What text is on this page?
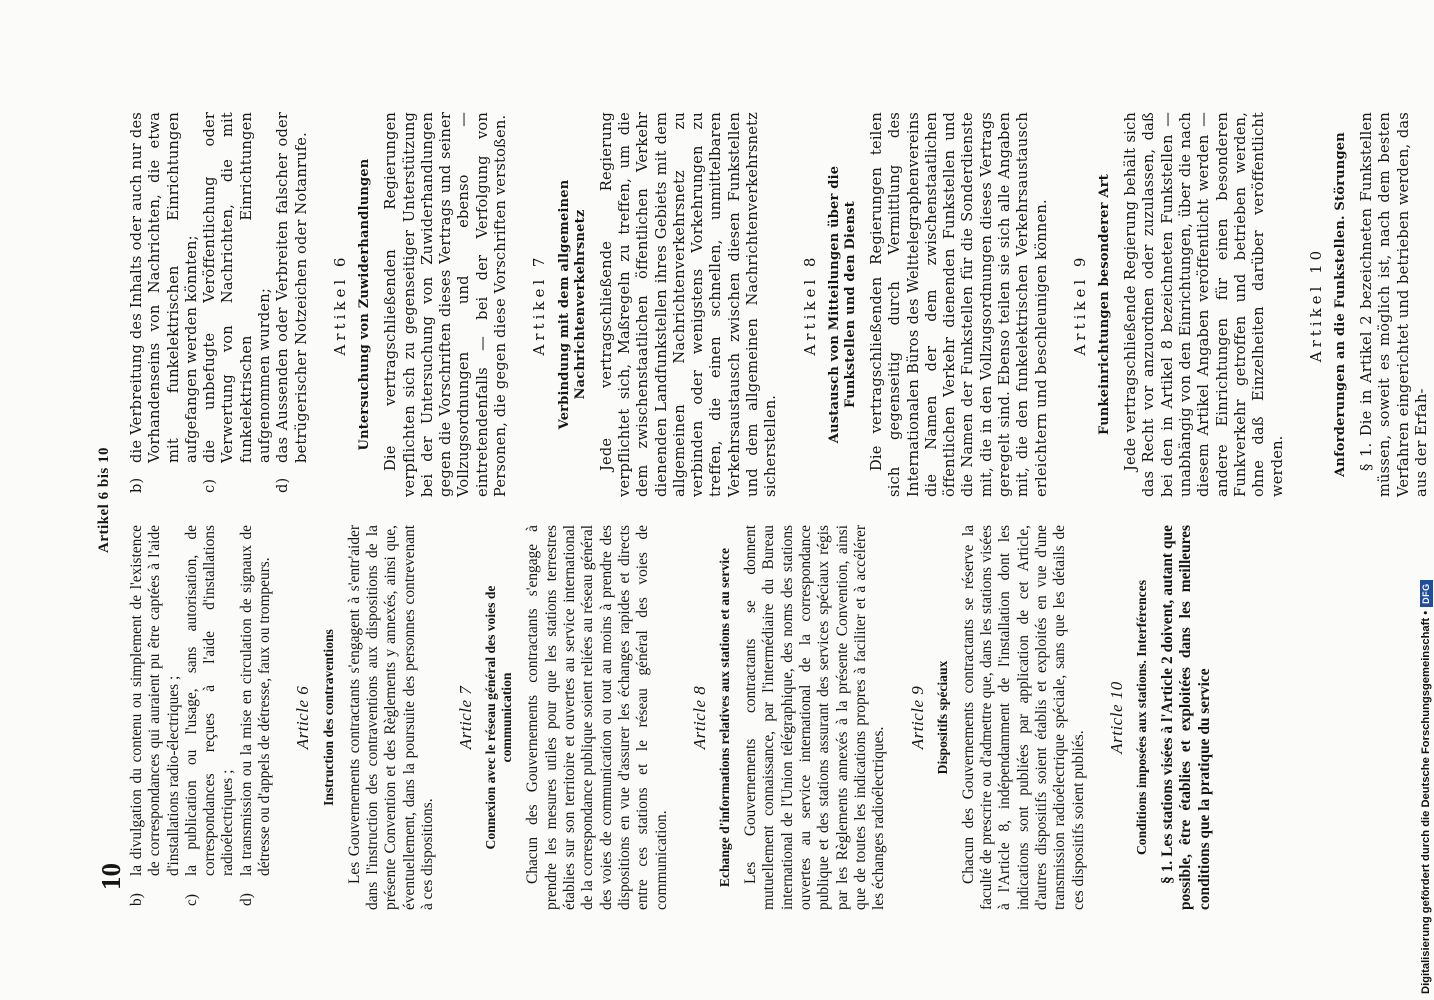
10

Artikel 6 bis 10

b)
la divulgation du contenu ou simplement de l'existence de correspondances qui auraient pu être captées à l'aide d'installations radio-électriques ;

c)
la publication ou l'usage, sans autorisation, de correspondances reçues à l'aide d'installations radioélectriques ;

d)
la transmission ou la mise en circulation de signaux de détresse ou d'appels de détresse, faux ou trompeurs. Article 6 Instruction des contraventions Les Gouvernements contractants s'engagent à s'entr'aider dans l'instruction des contraventions aux dispositions de la présente Convention et des Règlements y annexés, ainsi que, éventuellement, dans la poursuite des personnes contrevenant à ces dispositions.

Article 7 Connexion avec le réseau général des voies de communication Chacun des Gouvernements contractants s'engage à prendre les mesures utiles pour que les stations terrestres établies sur son territoire et ouvertes au service international de la correspondance publique soient reliées au réseau général des voies de communication ou tout au moins à prendre des dispositions en vue d'assurer les échanges rapides et directs entre ces stations et le réseau général des voies de communication.

Article 8 Echange d'informations relatives aux stations et au service Les Gouvernements contractants se donnent mutuellement connaissance, par l'intermédiaire du Bureau international de l'Union télégraphique, des noms des stations ouvertes au service international de la correspondance publique et des stations assurant des services spéciaux régis par les Règlements annexés à la présente Convention, ainsi que de toutes les indications propres à faciliter et à accélérer les échanges radioélectriques.

Article 9 Dispositifs spéciaux Chacun des Gouvernements contractants se réserve la faculté de prescrire ou d'admettre que, dans les stations visées à l'Article 8, indépendamment de l'installation dont les indications sont publiées par application de cet Article, d'autres dispositifs soient établis et exploités en vue d'une transmission radioélectrique spéciale, sans que les détails de ces dispositifs soient publiés.

Article 10 Conditions imposées aux stations. Interférences § 1. Les stations visées à l'Article 2 doivent, autant que possible, être établies et exploitées dans les meilleures conditions que la pratique du service

b)
die Verbreitung des Inhalts oder auch nur des Vorhandenseins von Nachrichten, die etwa mit funkelektrischen Einrichtungen aufgefangen werden könnten;

c)
die unbefugte Veröffentlichung oder Verwertung von Nachrichten, die mit funkelektrischen Einrichtungen aufgenommen wurden;

d)
das Aussenden oder Verbreiten falscher oder betrügerischer Notzeichen oder Notanrufe. Artikel 6 Untersuchung von Zuwiderhandlungen Die vertragschließenden Regierungen verpflichten sich zu gegenseitiger Unterstützung bei der Untersuchung von Zuwiderhandlungen gegen die Vorschriften dieses Vertrags und seiner Vollzugsordnungen und ebenso — eintretendenfalls — bei der Verfolgung von Personen, die gegen diese Vorschriften verstoßen. Artikel 7 Verbindung mit dem allgemeinen Nachrichtenverkehrsnetz Jede vertragschließende Regierung verpflichtet sich, Maßregeln zu treffen, um die dem zwischenstaatlichen öffentlichen Verkehr dienenden Landfunkstellen ihres Gebiets mit dem allgemeinen Nachrichtenverkehrsnetz zu verbinden oder wenigstens Vorkehrungen zu treffen, die einen schnellen, unmittelbaren Verkehrsaustausch zwischen diesen Funkstellen und dem allgemeinen Nachrichtenverkehrsnetz sicherstellen.

Artikel 8 Austausch von Mitteilungen über die Funkstellen und den Dienst Die vertragschließenden Regierungen teilen sich gegenseitig durch Vermittlung des Internationalen Büros des Welttelegraphenvereins die Namen der dem zwischenstaatlichen öffentlichen Verkehr dienenden Funkstellen und die Namen der Funkstellen für die Sonderdienste mit, die in den Vollzugsordnungen dieses Vertrags geregelt sind. Ebenso teilen sie sich alle Angaben mit, die den funkelektrischen Verkehrsaustausch erleichtern und beschleunigen können. Artikel 9 Funkeinrichtungen besonderer Art Jede vertragschließende Regierung behält sich das Recht vor anzuordnen oder zuzulassen, daß bei den in Artikel 8 bezeichneten Funkstellen — unabhängig von den Einrichtungen, über die nach diesem Artikel Angaben veröffentlicht werden — andere Einrichtungen für einen besonderen Funkverkehr getroffen und betrieben werden, ohne daß Einzelheiten darüber veröffentlicht werden.

Artikel 10 Anforderungen an die Funkstellen. Störungen § 1. Die in Artikel 2 bezeichneten Funkstellen müssen, soweit es möglich ist, nach dem besten Verfahren eingerichtet und betrieben werden, das aus der Erfah-

Digitalisierung gefördert durch die Deutsche Forschungsgemeinschaft •
DFG
